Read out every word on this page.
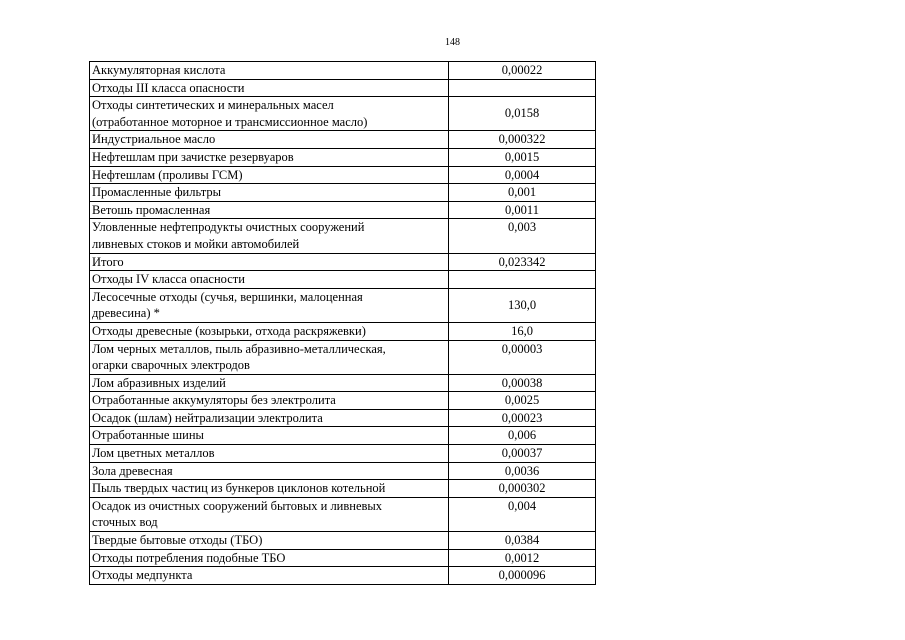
148
Аккумуляторная кислота	0,00022

Отходы III класса опасности	

Отходы синтетических и минеральных масел
(отработанное моторное и трансмиссионное масло)	0,0158

Индустриальное масло	0,000322

Нефтешлам при зачистке резервуаров	0,0015

Нефтешлам (проливы ГСМ)	0,0004

Промасленные фильтры	0,001

Ветошь промасленная	0,0011

Уловленные нефтепродукты очистных сооружений
ливневых стоков и мойки автомобилей	0,003

Итого	0,023342

Отходы IV класса опасности	

Лесосечные отходы (сучья, вершинки, малоценная
древесина) *	130,0

Отходы древесные (козырьки, отхода раскряжевки)	16,0

Лом черных металлов, пыль абразивно-металлическая,
огарки сварочных электродов	0,00003

Лом абразивных изделий	0,00038

Отработанные аккумуляторы без электролита	0,0025

Осадок (шлам) нейтрализации электролита	0,00023

Отработанные шины	0,006

Лом цветных металлов	0,00037

Зола древесная	0,0036

Пыль твердых частиц из бункеров циклонов котельной	0,000302

Осадок из очистных сооружений бытовых и ливневых
сточных вод	0,004

Твердые бытовые отходы (ТБО)	0,0384

Отходы потребления подобные ТБО	0,0012

Отходы медпункта	0,000096
